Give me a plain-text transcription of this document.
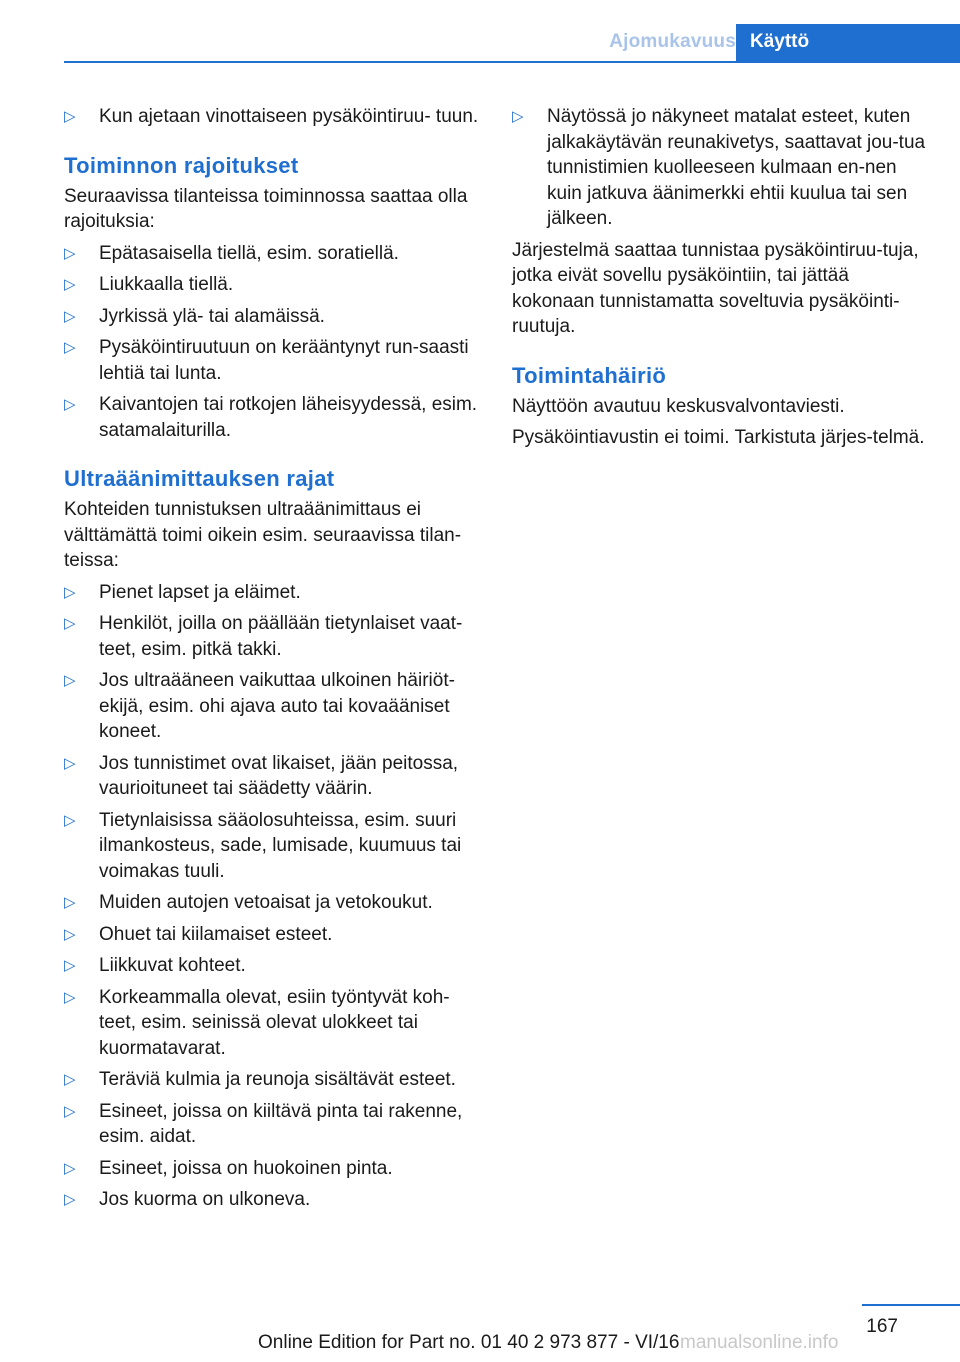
Ajomukavuus Käyttö
▷ Kun ajetaan vinottaiseen pysäköintiruu‐ tuun.
Toiminnon rajoitukset
Seuraavissa tilanteissa toiminnossa saattaa olla rajoituksia:
▷ Epätasaisella tiellä, esim. soratiellä.
▷ Liukkaalla tiellä.
▷ Jyrkissä ylä- tai alamäissä.
▷ Pysäköintiruutuun on kerääntynyt run‐saasti lehtiä tai lunta.
▷ Kaivantojen tai rotkojen läheisyydessä, esim. satamalaiturilla.
Ultraäänimittauksen rajat
Kohteiden tunnistuksen ultraäänimittaus ei välttämättä toimi oikein esim. seuraavissa tilan‐teissa:
▷ Pienet lapset ja eläimet.
▷ Henkilöt, joilla on päällään tietynlaiset vaat‐teet, esim. pitkä takki.
▷ Jos ultraääneen vaikuttaa ulkoinen häiriöt‐ekijä, esim. ohi ajava auto tai kovaääniset koneet.
▷ Jos tunnistimet ovat likaiset, jään peitossa, vaurioituneet tai säädetty väärin.
▷ Tietynlaisissa sääolosuhteissa, esim. suuri ilmankosteus, sade, lumisade, kuumuus tai voimakas tuuli.
▷ Muiden autojen vetoaisat ja vetokoukut.
▷ Ohuet tai kiilamaiset esteet.
▷ Liikkuvat kohteet.
▷ Korkeammalla olevat, esiin työntyvät koh‐teet, esim. seinissä olevat ulokkeet tai kuormatavarat.
▷ Teräviä kulmia ja reunoja sisältävät esteet.
▷ Esineet, joissa on kiiltävä pinta tai rakenne, esim. aidat.
▷ Esineet, joissa on huokoinen pinta.
▷ Jos kuorma on ulkoneva.
▷ Näytössä jo näkyneet matalat esteet, kuten jalkakäytävän reunakivetys, saattavat jou‐tua tunnistimien kuolleeseen kulmaan en‐nen kuin jatkuva äänimerkki ehtii kuulua tai sen jälkeen.
Järjestelmä saattaa tunnistaa pysäköintiruu‐tuja, jotka eivät sovellu pysäköintiin, tai jättää kokonaan tunnistamatta soveltuvia pysäköinti‐ruutuja.
Toimintahäiriö
Näyttöön avautuu keskusvalvontaviesti.
Pysäköintiavustin ei toimi. Tarkistuta järjes‐telmä.
167
Online Edition for Part no. 01 40 2 973 877 - VI/16 manualsonline.info
